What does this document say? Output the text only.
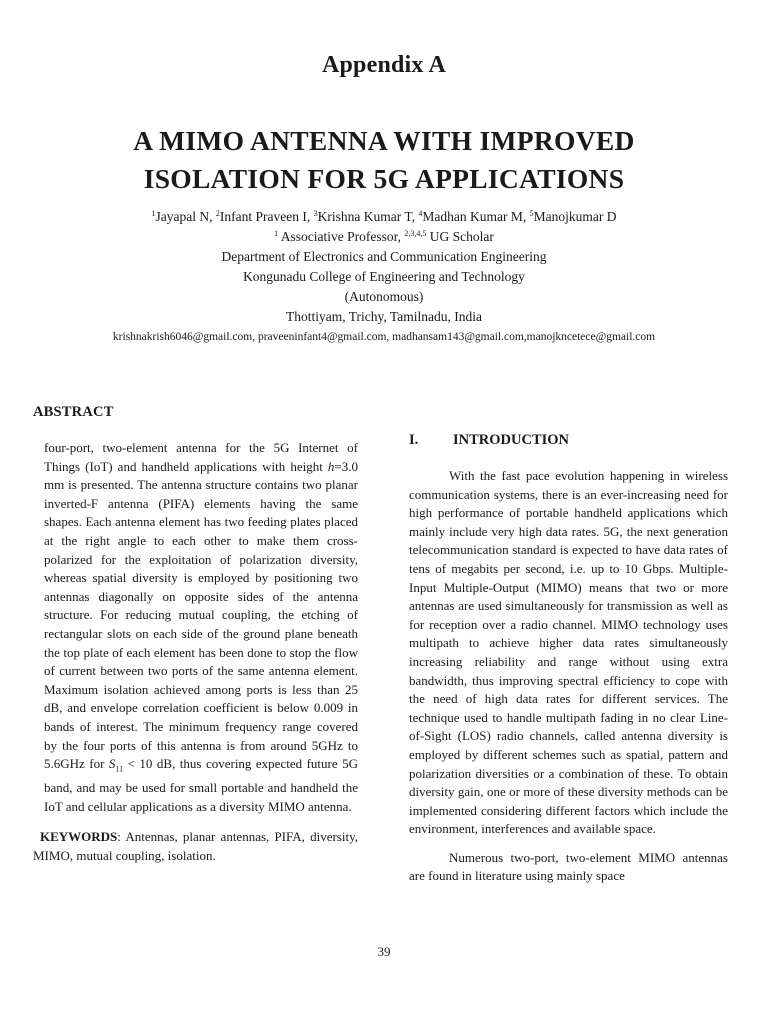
Appendix A
A MIMO ANTENNA WITH IMPROVED
ISOLATION FOR 5G APPLICATIONS
$^1$Jayapal N, $^2$Infant Praveen I, $^3$Krishna Kumar T, $^4$Madhan Kumar M, $^5$Manojkumar D
$^1$ Associative Professor, $^{2,3,4,5}$ UG Scholar
Department of Electronics and Communication Engineering
Kongunadu College of Engineering and Technology
(Autonomous)
Thottiyam, Trichy, Tamilnadu, India
krishnakrish6046@gmail.com, praveeninfant4@gmail.com, madhansam143@gmail.com,manojkncetece@gmail.com
ABSTRACT

four-port, two-element antenna for the 5G Internet of Things (IoT) and handheld applications with height h=3.0 mm is presented. The antenna structure contains two planar inverted-F antenna (PIFA) elements having the same shapes. Each antenna element has two feeding plates placed at the right angle to each other to make them cross-polarized for the exploitation of polarization diversity, whereas spatial diversity is employed by positioning two antennas diagonally on opposite sides of the antenna structure. For reducing mutual coupling, the etching of rectangular slots on each side of the ground plane beneath the top plate of each element has been done to stop the flow of current between two ports of the same antenna element. Maximum isolation achieved among ports is less than 25 dB, and envelope correlation coefficient is below 0.009 in bands of interest. The minimum frequency range covered by the four ports of this antenna is from around 5GHz to 5.6GHz for $S_{11} < 10$ dB, thus covering expected future 5G band, and may be used for small portable and handheld the IoT and cellular applications as a diversity MIMO antenna.

KEYWORDS: Antennas, planar antennas, PIFA, diversity, MIMO, mutual coupling, isolation.

I. INTRODUCTION

With the fast pace evolution happening in wireless communication systems, there is an ever-increasing need for high performance of portable handheld applications which mainly include very high data rates. 5G, the next generation telecommunication standard is expected to have data rates of tens of megabits per second, i.e. up to 10 Gbps. Multiple-Input Multiple-Output (MIMO) means that two or more antennas are used simultaneously for transmission as well as for reception over a radio channel. MIMO technology uses multipath to achieve higher data rates simultaneously increasing reliability and range without using extra bandwidth, thus improving spectral efficiency to cope with the need of high data rates for different services. The technique used to handle multipath fading in no clear Line- of-Sight (LOS) radio channels, called antenna diversity is employed by different schemes such as spatial, pattern and polarization diversities or a combination of these. To obtain diversity gain, one or more of these diversity methods can be implemented considering different factors which include the environment, interferences and available space.

Numerous two-port, two-element MIMO antennas are found in literature using mainly space

39
